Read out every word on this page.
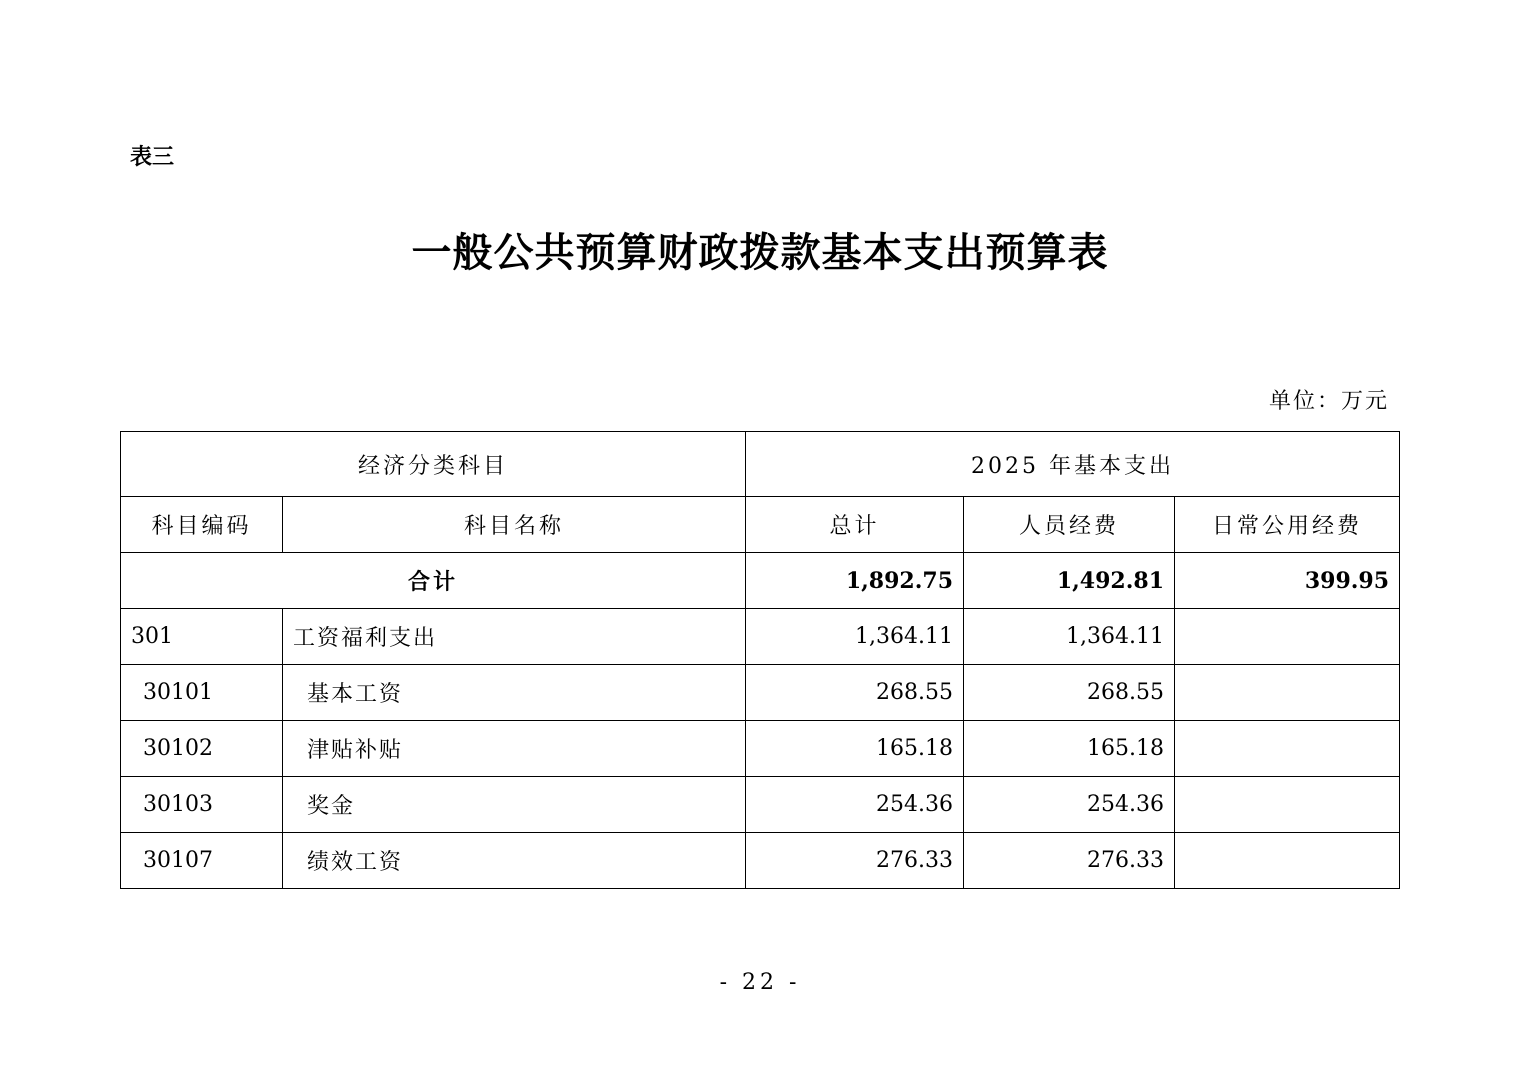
表三
一般公共预算财政拨款基本支出预算表
单位：万元
经济分类科目		2025 年基本支出		
科目编码	科目名称	总计	人员经费	日常公用经费
合计		1,892.75	1,492.81	399.95
301	工资福利支出	1,364.11	1,364.11	
30101	基本工资	268.55	268.55	
30102	津贴补贴	165.18	165.18	
30103	奖金	254.36	254.36	
30107	绩效工资	276.33	276.33	
- 22 -
